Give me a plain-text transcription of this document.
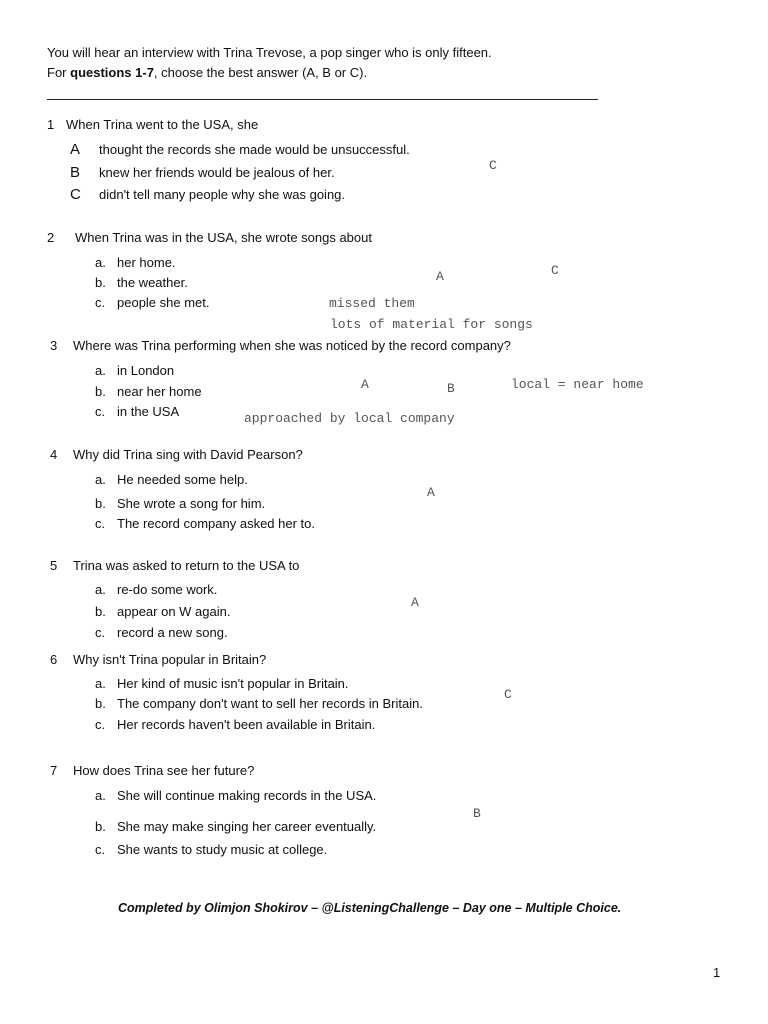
You will hear an interview with Trina Trevose, a pop singer who is only fifteen.
For questions 1-7, choose the best answer (A, B or C).
1 When Trina went to the USA, she
A thought the records she made would be unsuccessful.
B knew her friends would be jealous of her.
C didn't tell many people why she was going.
C
2 When Trina was in the USA, she wrote songs about
a. her home.
b. the weather.
c. people she met.
A	C
missed them
lots of material for songs
3 Where was Trina performing when she was noticed by the record company?
a. in London
b. near her home
c. in the USA
A	B	local = near home
approached by local company
4 Why did Trina sing with David Pearson?
a. He needed some help.
b. She wrote a song for him.
c. The record company asked her to.
A
5 Trina was asked to return to the USA to
a. re-do some work.
b. appear on W again.
c. record a new song.
A
6 Why isn't Trina popular in Britain?
a. Her kind of music isn't popular in Britain.
b. The company don't want to sell her records in Britain.
c. Her records haven't been available in Britain.
C
7 How does Trina see her future?
a. She will continue making records in the USA.
b. She may make singing her career eventually.
c. She wants to study music at college.
B
Completed by Olimjon Shokirov – @ListeningChallenge – Day one – Multiple Choice.
1
